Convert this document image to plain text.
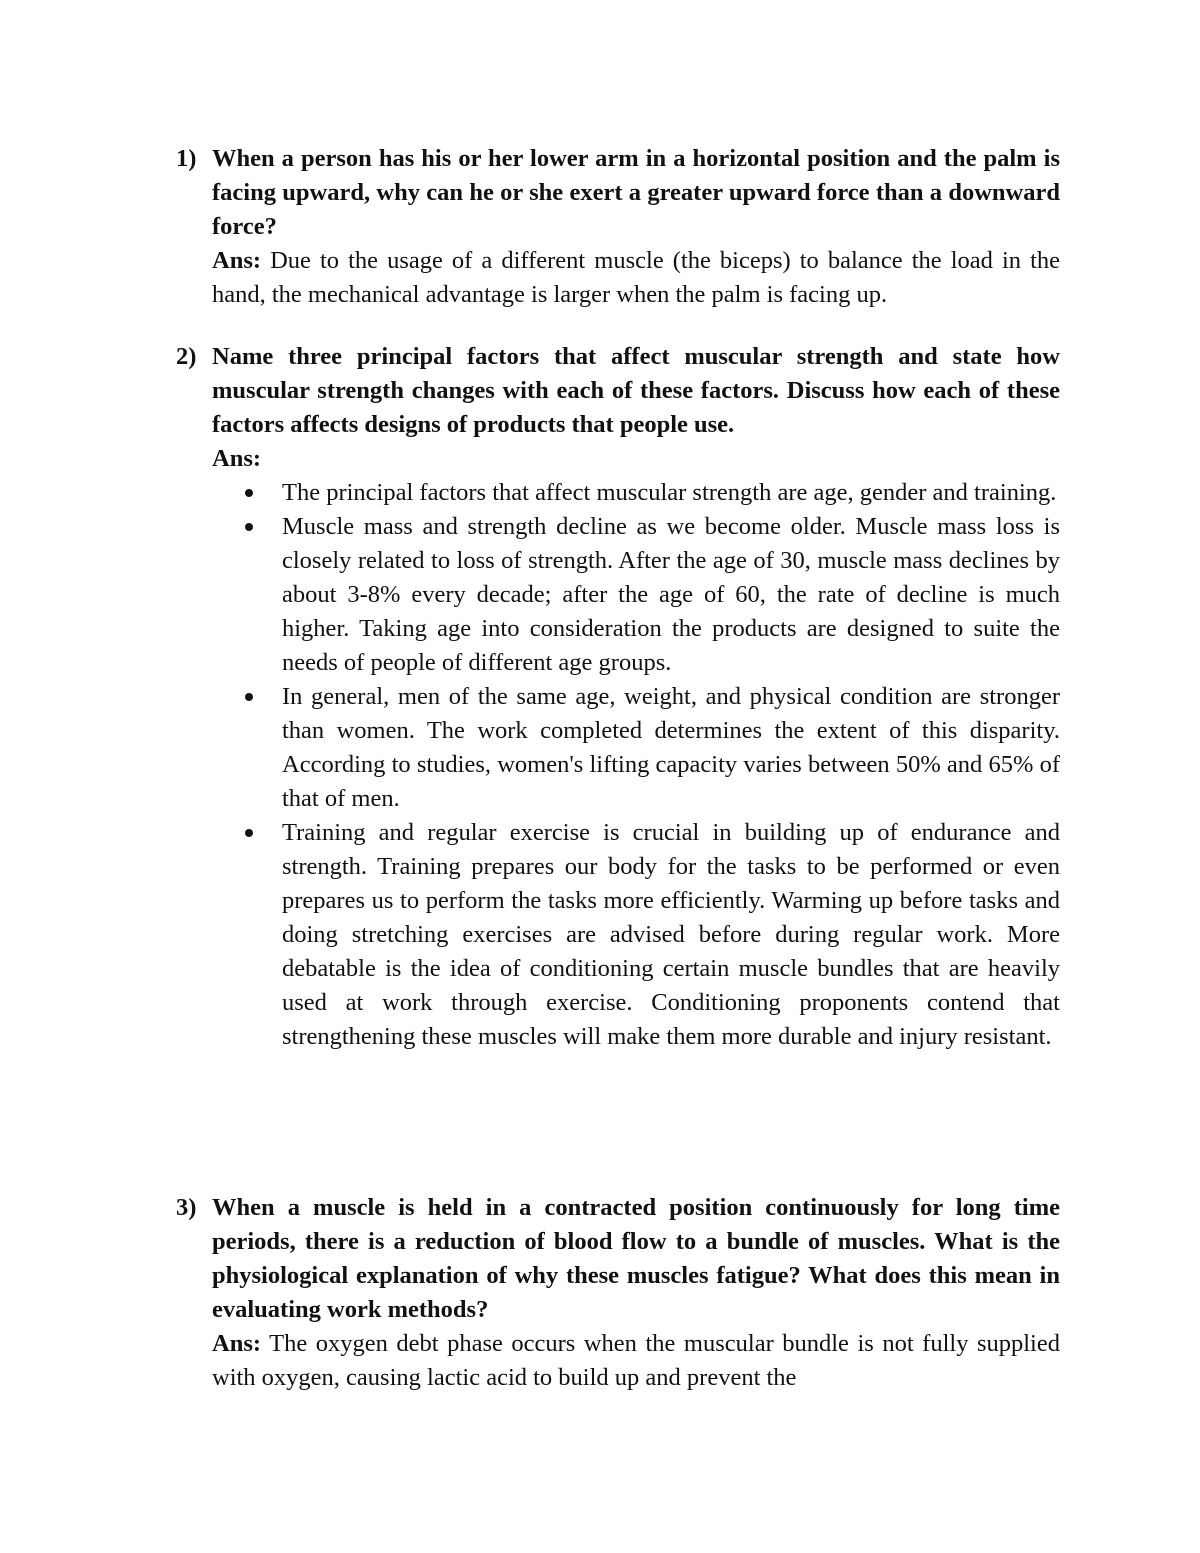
1) When a person has his or her lower arm in a horizontal position and the palm is facing upward, why can he or she exert a greater upward force than a downward force?

Ans: Due to the usage of a different muscle (the biceps) to balance the load in the hand, the mechanical advantage is larger when the palm is facing up.

2) Name three principal factors that affect muscular strength and state how muscular strength changes with each of these factors. Discuss how each of these factors affects designs of products that people use.

Ans:

The principal factors that affect muscular strength are age, gender and training.
Muscle mass and strength decline as we become older. Muscle mass loss is closely related to loss of strength. After the age of 30, muscle mass declines by about 3-8% every decade; after the age of 60, the rate of decline is much higher. Taking age into consideration the products are designed to suite the needs of people of different age groups.
In general, men of the same age, weight, and physical condition are stronger than women. The work completed determines the extent of this disparity. According to studies, women's lifting capacity varies between 50% and 65% of that of men.
Training and regular exercise is crucial in building up of endurance and strength. Training prepares our body for the tasks to be performed or even prepares us to perform the tasks more efficiently. Warming up before tasks and doing stretching exercises are advised before during regular work. More debatable is the idea of conditioning certain muscle bundles that are heavily used at work through exercise. Conditioning proponents contend that strengthening these muscles will make them more durable and injury resistant.
3) When a muscle is held in a contracted position continuously for long time periods, there is a reduction of blood flow to a bundle of muscles. What is the physiological explanation of why these muscles fatigue? What does this mean in evaluating work methods?

Ans: The oxygen debt phase occurs when the muscular bundle is not fully supplied with oxygen, causing lactic acid to build up and prevent the
